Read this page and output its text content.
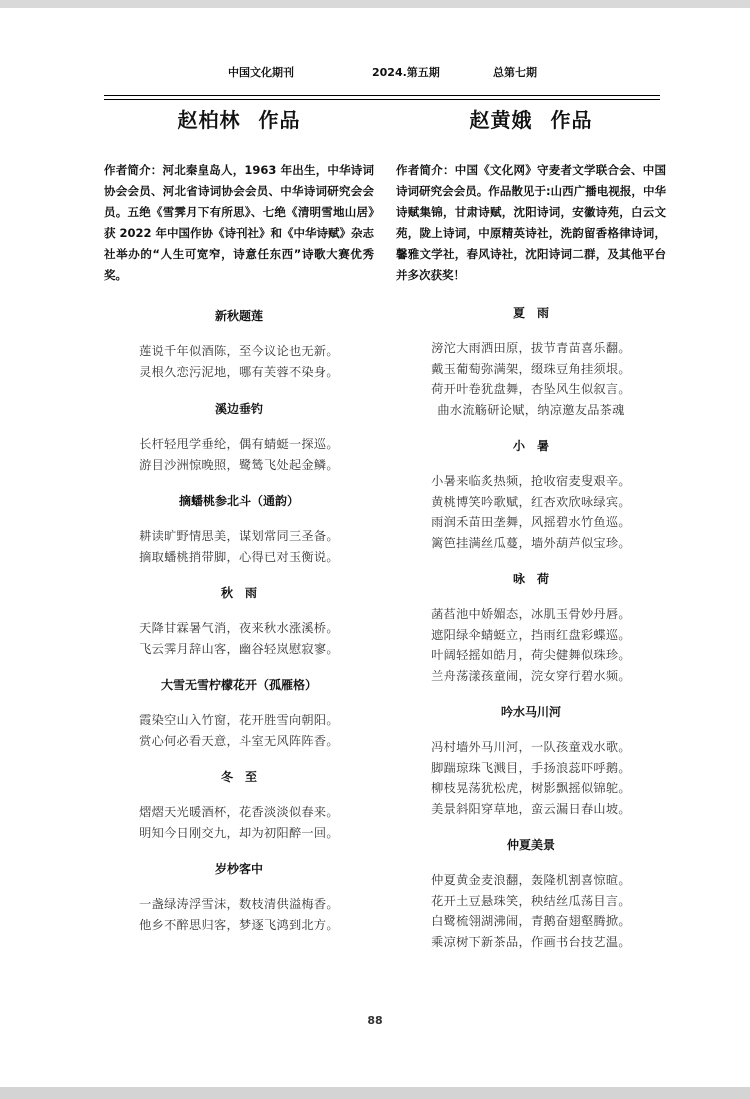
中国文化期刊	2024.第五期	总第七期
赵柏林 作品
作者简介：河北秦皇岛人，1963 年出生，中华诗词协会会员、河北省诗词协会会员、中华诗词研究会会员。五绝《雪霁月下有所思》、七绝《清明雪地山居》获 2022 年中国作协《诗刊社》和《中华诗赋》杂志社举办的“人生可宽窄，诗意任东西”诗歌大赛优秀奖。
新秋题莲
莲说千年似酒陈，至今议论也无新。
灵根久恋污泥地，哪有芙蓉不染身。
溪边垂钓
长杆轻甩学垂纶，偶有蜻蜓一探巡。
游目沙洲惊晚照，鹭鸶飞处起金鳞。
摘蟠桃参北斗（通韵）
耕读旷野情思美，谋划常同三圣备。
摘取蟠桃捎带脚，心得已对玉衡说。
秋　雨
天降甘霖暑气消，夜来秋水涨溪桥。
飞云霁月辞山客，幽谷轻岚慰寂寥。
大雪无雪柠檬花开（孤雁格）
霞染空山入竹窗，花开胜雪向朝阳。
赏心何必看天意，斗室无风阵阵香。
冬　至
熠熠天光暖酒杯，花香淡淡似春来。
明知今日刚交九，却为初阳醉一回。
岁杪客中
一盏绿涛浮雪沫，数枝清供溢梅香。
他乡不醉思归客，梦逐飞鸿到北方。
赵黄娥 作品
作者简介：中国《文化网》守麦者文学联合会、中国诗词研究会会员。作品散见于:山西广播电视报，中华诗赋集锦，甘肃诗赋，沈阳诗词，安徽诗苑，白云文苑，陇上诗词，中原精英诗社，洗韵留香格律诗词，馨雅文学社，春风诗社，沈阳诗词二群，及其他平台并多次获奖！
夏　雨
滂沱大雨洒田原，拔节青苗喜乐翻。
戴玉葡萄弥满架，缀珠豆角挂须垠。
荷开叶卷犹盘舞，杏坠风生似叙言。
曲水流觞研论赋，纳凉邀友品茶魂
小　暑
小暑来临炙热频，抢收宿麦叟艰辛。
黄桃博笑吟歌赋，红杏欢欣咏绿宾。
雨润禾苗田垄舞，风摇碧水竹鱼巡。
篱笆挂满丝瓜蔓，墙外葫芦似宝珍。
咏　荷
菡萏池中娇媚态，冰肌玉骨妙丹唇。
遮阳绿伞蜻蜓立，挡雨红盘彩蝶巡。
叶阔轻摇如皓月，荷尖健舞似珠珍。
兰舟荡漾孩童闹，浣女穿行碧水频。
吟水马川河
冯村墙外马川河，一队孩童戏水歌。
脚踹琼珠飞溅目，手扬浪蕊吓呼鹅。
柳枝晃荡犹松虎，树影飘摇似锦鸵。
美景斜阳穿草地，蛮云漏日春山坡。
仲夏美景
仲夏黄金麦浪翻，轰隆机割喜惊暄。
花开土豆悬珠笑，秧结丝瓜荡目言。
白鹭梳翎湖沸闹，青鹅奋翅壑腾掀。
乘凉树下新茶品，作画书台技艺温。
88
